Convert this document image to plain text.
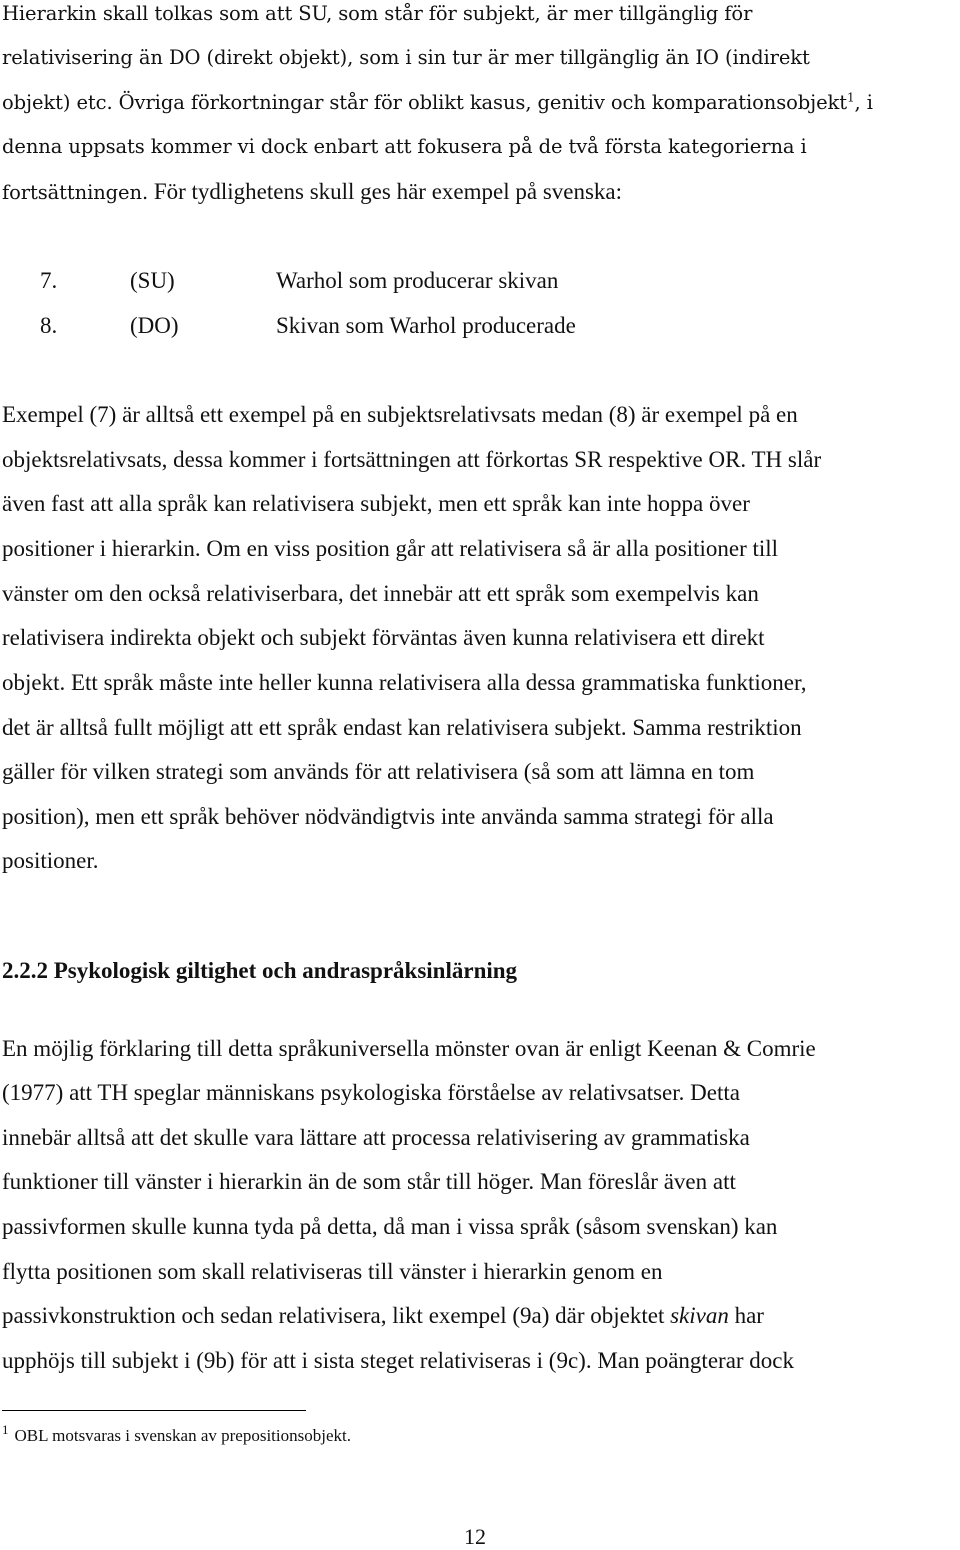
Hierarkin skall tolkas som att SU, som står för subjekt, är mer tillgänglig för
relativisering än DO (direkt objekt), som i sin tur är mer tillgänglig än IO (indirekt
objekt) etc. Övriga förkortningar står för oblikt kasus, genitiv och komparationsobjekt$^1$, i
denna uppsats kommer vi dock enbart att fokusera på de två första kategorierna i
fortsättningen. För tydlighetens skull ges här exempel på svenska:
7.	(SU)	Warhol som producerar skivan
8.	(DO)	Skivan som Warhol producerade
Exempel (7) är alltså ett exempel på en subjektsrelativsats medan (8) är exempel på en
objektsrelativsats, dessa kommer i fortsättningen att förkortas SR respektive OR. TH slår
även fast att alla språk kan relativisera subjekt, men ett språk kan inte hoppa över
positioner i hierarkin. Om en viss position går att relativisera så är alla positioner till
vänster om den också relativiserbara, det innebär att ett språk som exempelvis kan
relativisera indirekta objekt och subjekt förväntas även kunna relativisera ett direkt
objekt. Ett språk måste inte heller kunna relativisera alla dessa grammatiska funktioner,
det är alltså fullt möjligt att ett språk endast kan relativisera subjekt. Samma restriktion
gäller för vilken strategi som används för att relativisera (så som att lämna en tom
position), men ett språk behöver nödvändigtvis inte använda samma strategi för alla
positioner.
2.2.2 Psykologisk giltighet och andraspråksinlärning
En möjlig förklaring till detta språkuniversella mönster ovan är enligt Keenan & Comrie
(1977) att TH speglar människans psykologiska förståelse av relativsatser. Detta
innebär alltså att det skulle vara lättare att processa relativisering av grammatiska
funktioner till vänster i hierarkin än de som står till höger. Man föreslår även att
passivformen skulle kunna tyda på detta, då man i vissa språk (såsom svenskan) kan
flytta positionen som skall relativiseras till vänster i hierarkin genom en
passivkonstruktion och sedan relativisera, likt exempel (9a) där objektet skivan har
upphöjs till subjekt i (9b) för att i sista steget relativiseras i (9c). Man poängterar dock
$^1$ OBL motsvaras i svenskan av prepositionsobjekt.
12
